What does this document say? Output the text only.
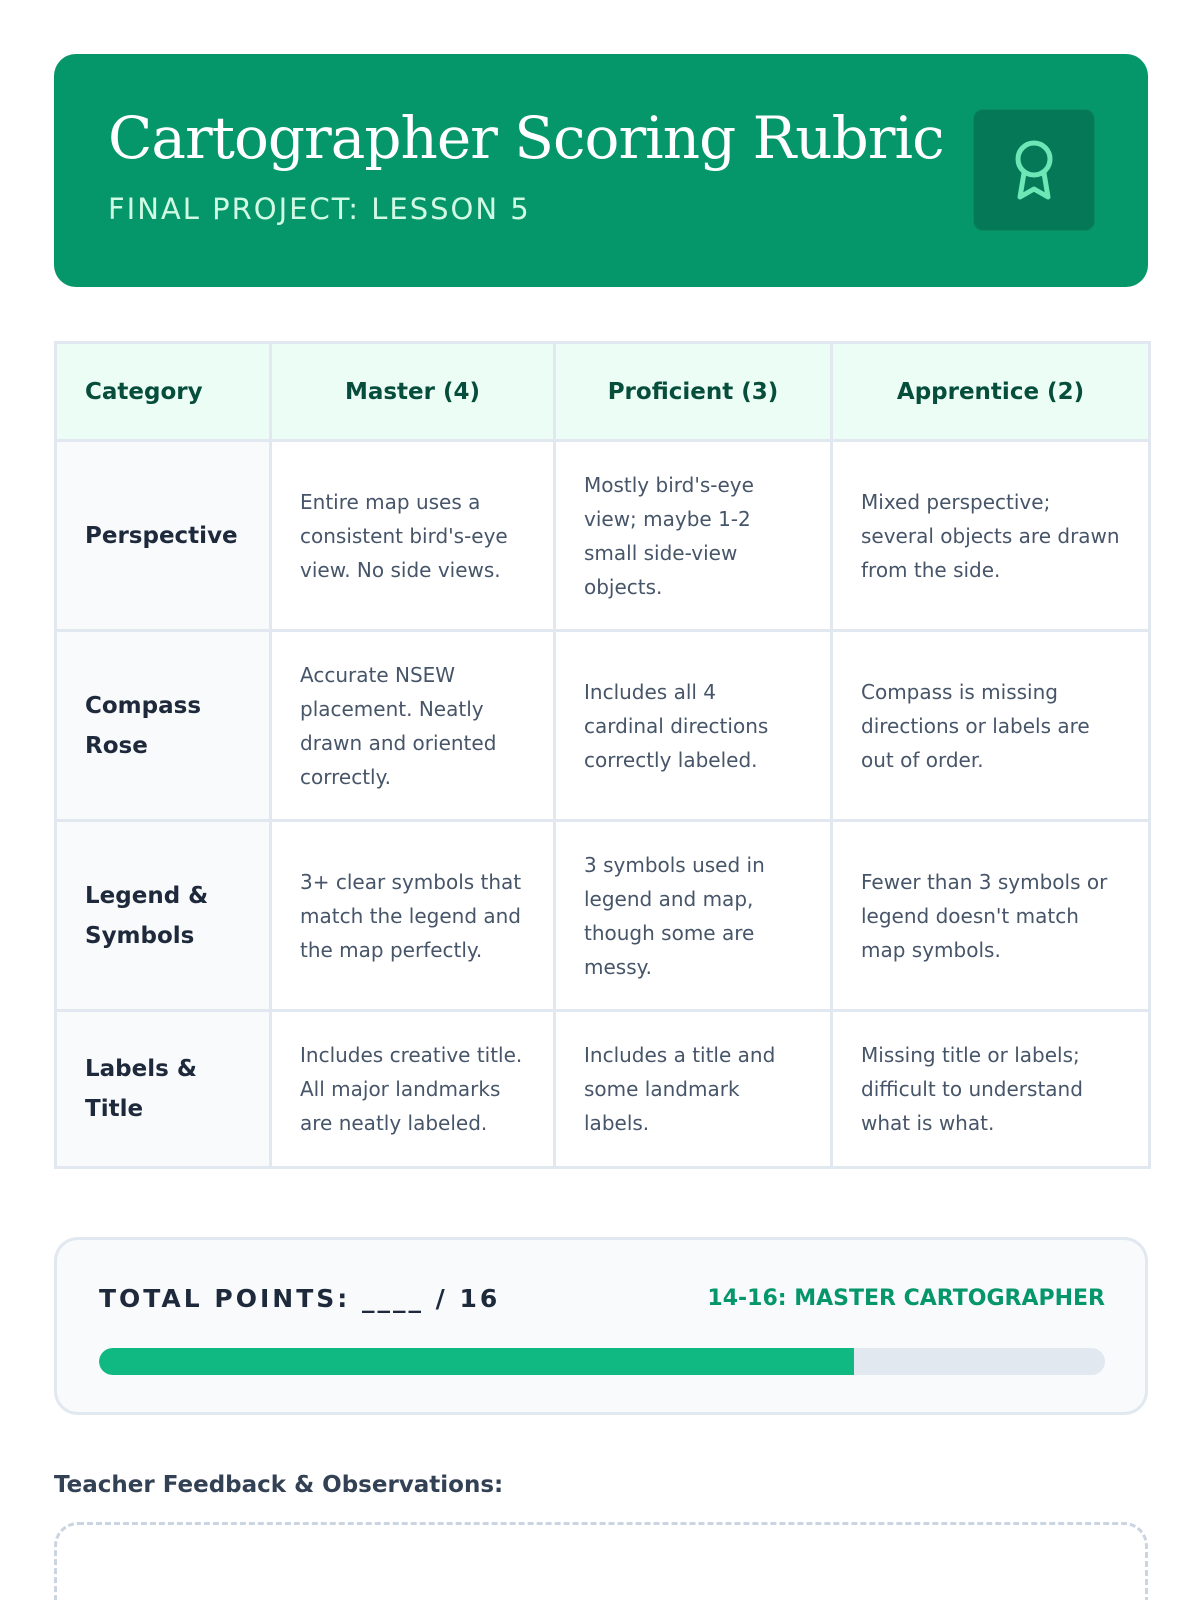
Cartographer Scoring Rubric
FINAL PROJECT: LESSON 5
Category	Master (4)	Proficient (3)	Apprentice (2)
Perspective	Entire map uses a consistent bird's-eye view. No side views.	Mostly bird's-eye view; maybe 1-2 small side-view objects.	Mixed perspective; several objects are drawn from the side.
Compass Rose	Accurate NSEW placement. Neatly drawn and oriented correctly.	Includes all 4 cardinal directions correctly labeled.	Compass is missing directions or labels are out of order.
Legend & Symbols	3+ clear symbols that match the legend and the map perfectly.	3 symbols used in legend and map, though some are messy.	Fewer than 3 symbols or legend doesn't match map symbols.
Labels & Title	Includes creative title. All major landmarks are neatly labeled.	Includes a title and some landmark labels.	Missing title or labels; difficult to understand what is what.
TOTAL POINTS: ____ / 16	14-16: MASTER CARTOGRAPHER
Teacher Feedback & Observations:
